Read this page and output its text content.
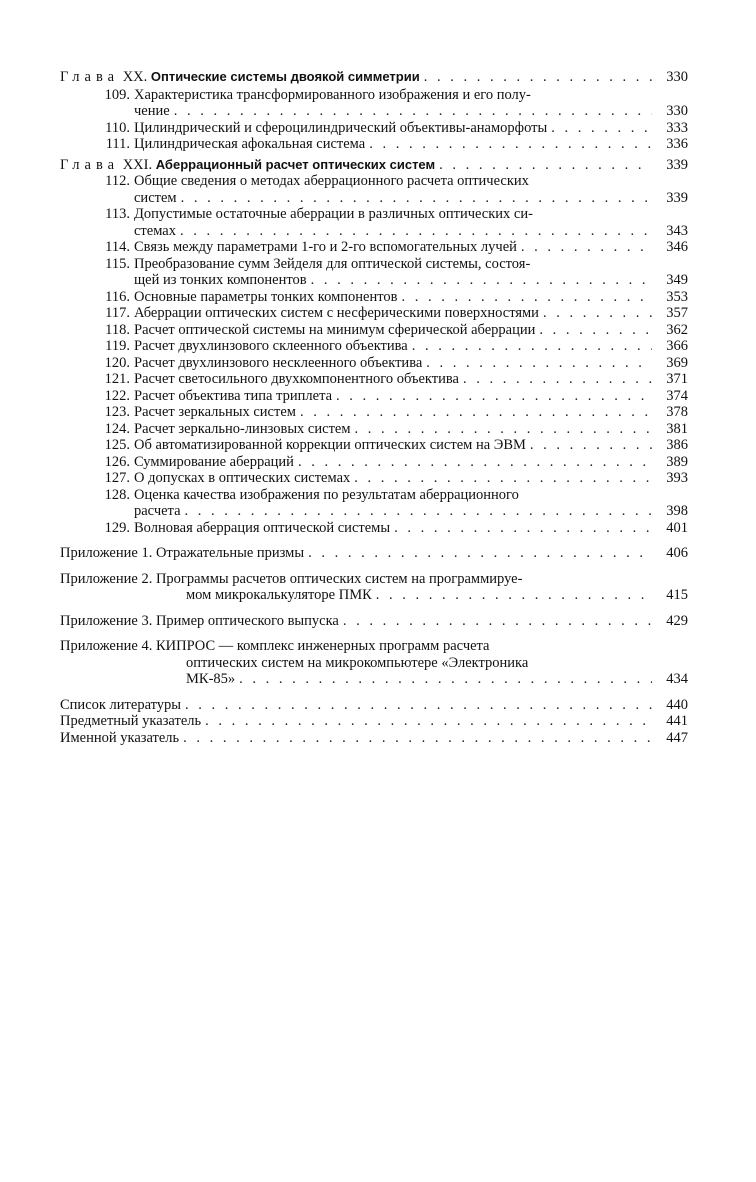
Глава XX. Оптические системы двоякой симметрии . . .	330
109. Характеристика трансформированного изображения и его полу-
чение . . .	330
110. Цилиндрический и сфероцилиндрический объективы-анаморфоты . . .	333
111. Цилиндрическая афокальная система . . .	336
Глава XXI. Аберрационный расчет оптических систем . . .	339
112. Общие сведения о методах аберрационного расчета оптических
систем . . .	339
113. Допустимые остаточные аберрации в различных оптических си-
стемах . . .	343
114. Связь между параметрами 1-го и 2-го вспомогательных лучей . . .	346
115. Преобразование сумм Зейделя для оптической системы, состоя-
щей из тонких компонентов . . .	349
116. Основные параметры тонких компонентов . . .	353
117. Аберрации оптических систем с несферическими поверхностями . . .	357
118. Расчет оптической системы на минимум сферической аберрации . . .	362
119. Расчет двухлинзового склеенного объектива . . .	366
120. Расчет двухлинзового несклеенного объектива . . .	369
121. Расчет светосильного двухкомпонентного объектива . . .	371
122. Расчет объектива типа триплета . . .	374
123. Расчет зеркальных систем . . .	378
124. Расчет зеркально-линзовых систем . . .	381
125. Об автоматизированной коррекции оптических систем на ЭВМ . . .	386
126. Суммирование аберраций . . .	389
127. О допусках в оптических системах . . .	393
128. Оценка качества изображения по результатам аберрационного
расчета . . .	398
129. Волновая аберрация оптической системы . . .	401
Приложение 1. Отражательные призмы . . .	406
Приложение 2. Программы расчетов оптических систем на программируе-
мом микрокалькуляторе ПМК . . .	415
Приложение 3. Пример оптического выпуска . . .	429
Приложение 4. КИПРОС — комплекс инженерных программ расчета
оптических систем на микрокомпьютере «Электроника
МК-85» . . .	434
Список литературы . . .	440
Предметный указатель . . .	441
Именной указатель . . .	447
